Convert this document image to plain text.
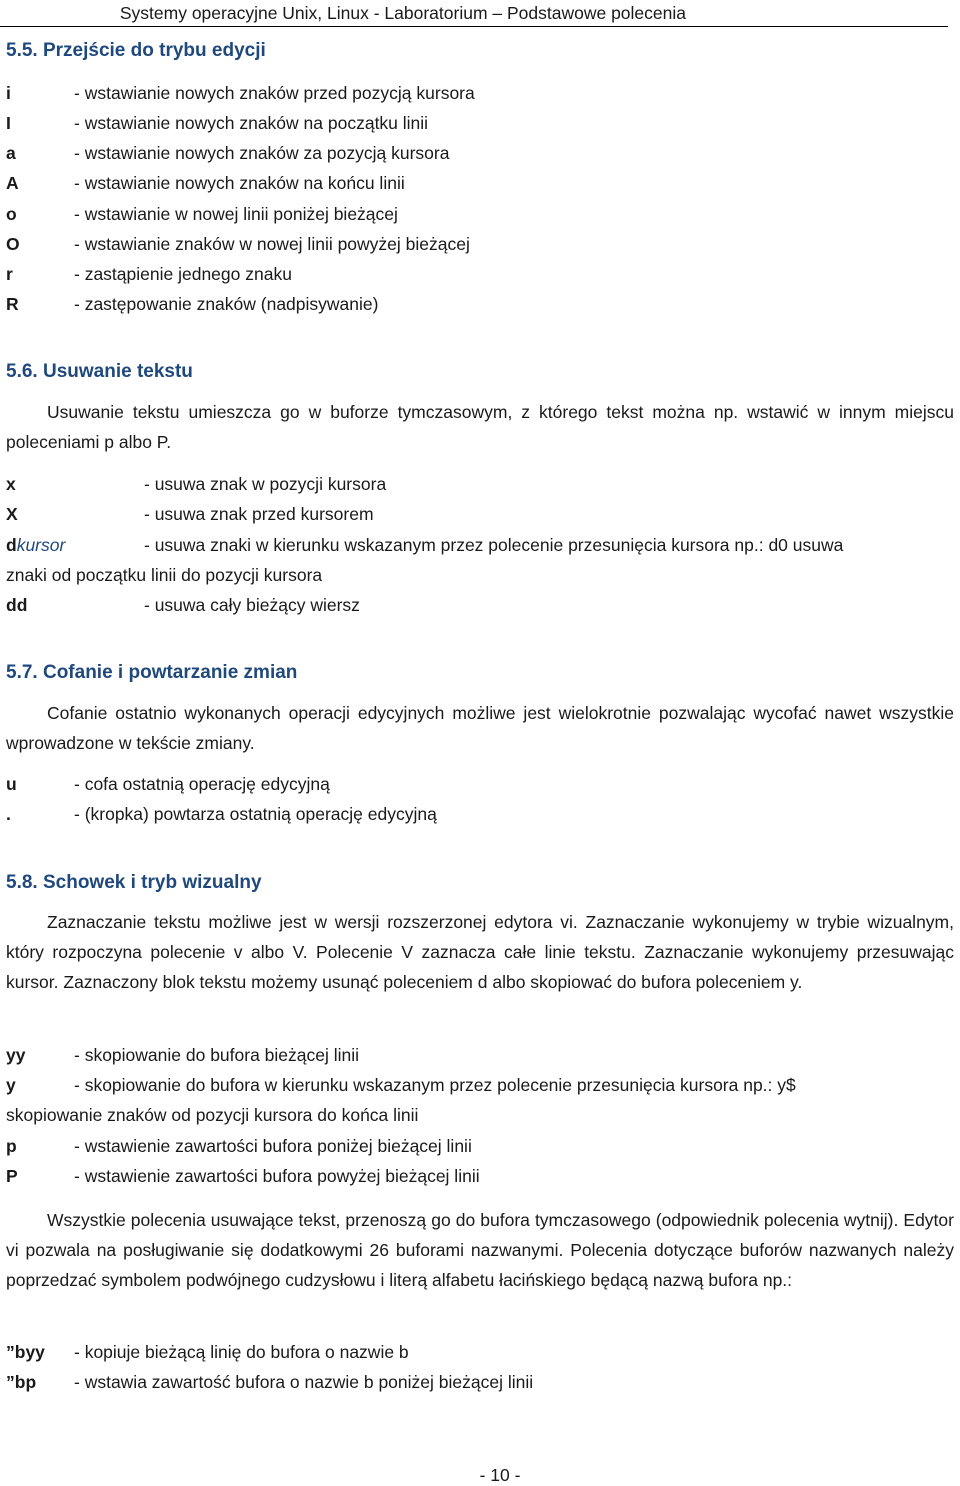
Systemy operacyjne Unix, Linux - Laboratorium – Podstawowe polecenia
5.5. Przejście do trybu edycji
i	- wstawianie nowych znaków przed pozycją kursora
I	- wstawianie nowych znaków na początku linii
a	- wstawianie nowych znaków za pozycją kursora
A	- wstawianie nowych znaków na końcu linii
o	- wstawianie w nowej linii poniżej bieżącej
O	- wstawianie znaków w nowej linii powyżej bieżącej
r	- zastąpienie jednego znaku
R	- zastępowanie znaków (nadpisywanie)
5.6. Usuwanie tekstu
Usuwanie tekstu umieszcza go w buforze tymczasowym, z którego tekst można np. wstawić w innym miejscu poleceniami p albo P.
x	- usuwa znak w pozycji kursora
X	- usuwa znak przed kursorem
dkursor	- usuwa znaki w kierunku wskazanym przez polecenie przesunięcia kursora np.: d0 usuwa
znaki od początku linii do pozycji kursora
dd	- usuwa cały bieżący wiersz
5.7. Cofanie i powtarzanie zmian
Cofanie ostatnio wykonanych operacji edycyjnych możliwe jest wielokrotnie pozwalając wycofać nawet wszystkie wprowadzone w tekście zmiany.
u	- cofa ostatnią operację edycyjną
.	- (kropka) powtarza ostatnią operację edycyjną
5.8. Schowek i tryb wizualny
Zaznaczanie tekstu możliwe jest w wersji rozszerzonej edytora vi. Zaznaczanie wykonujemy w trybie wizualnym, który rozpoczyna polecenie v albo V. Polecenie V zaznacza całe linie tekstu. Zaznaczanie wykonujemy przesuwając kursor. Zaznaczony blok tekstu możemy usunąć poleceniem d albo skopiować do bufora poleceniem y.
yy	- skopiowanie do bufora bieżącej linii
y	- skopiowanie do bufora w kierunku wskazanym przez polecenie przesunięcia kursora np.: y$
skopiowanie znaków od pozycji kursora do końca linii
p	- wstawienie zawartości bufora poniżej bieżącej linii
P	- wstawienie zawartości bufora powyżej bieżącej linii
Wszystkie polecenia usuwające tekst, przenoszą go do bufora tymczasowego (odpowiednik polecenia wytnij). Edytor vi pozwala na posługiwanie się dodatkowymi 26 buforami nazwanymi. Polecenia dotyczące buforów nazwanych należy poprzedzać symbolem podwójnego cudzysłowu i literą alfabetu łacińskiego będącą nazwą bufora np.:
”byy - kopiuje bieżącą linię do bufora o nazwie b
”bp - wstawia zawartość bufora o nazwie b poniżej bieżącej linii
- 10 -
